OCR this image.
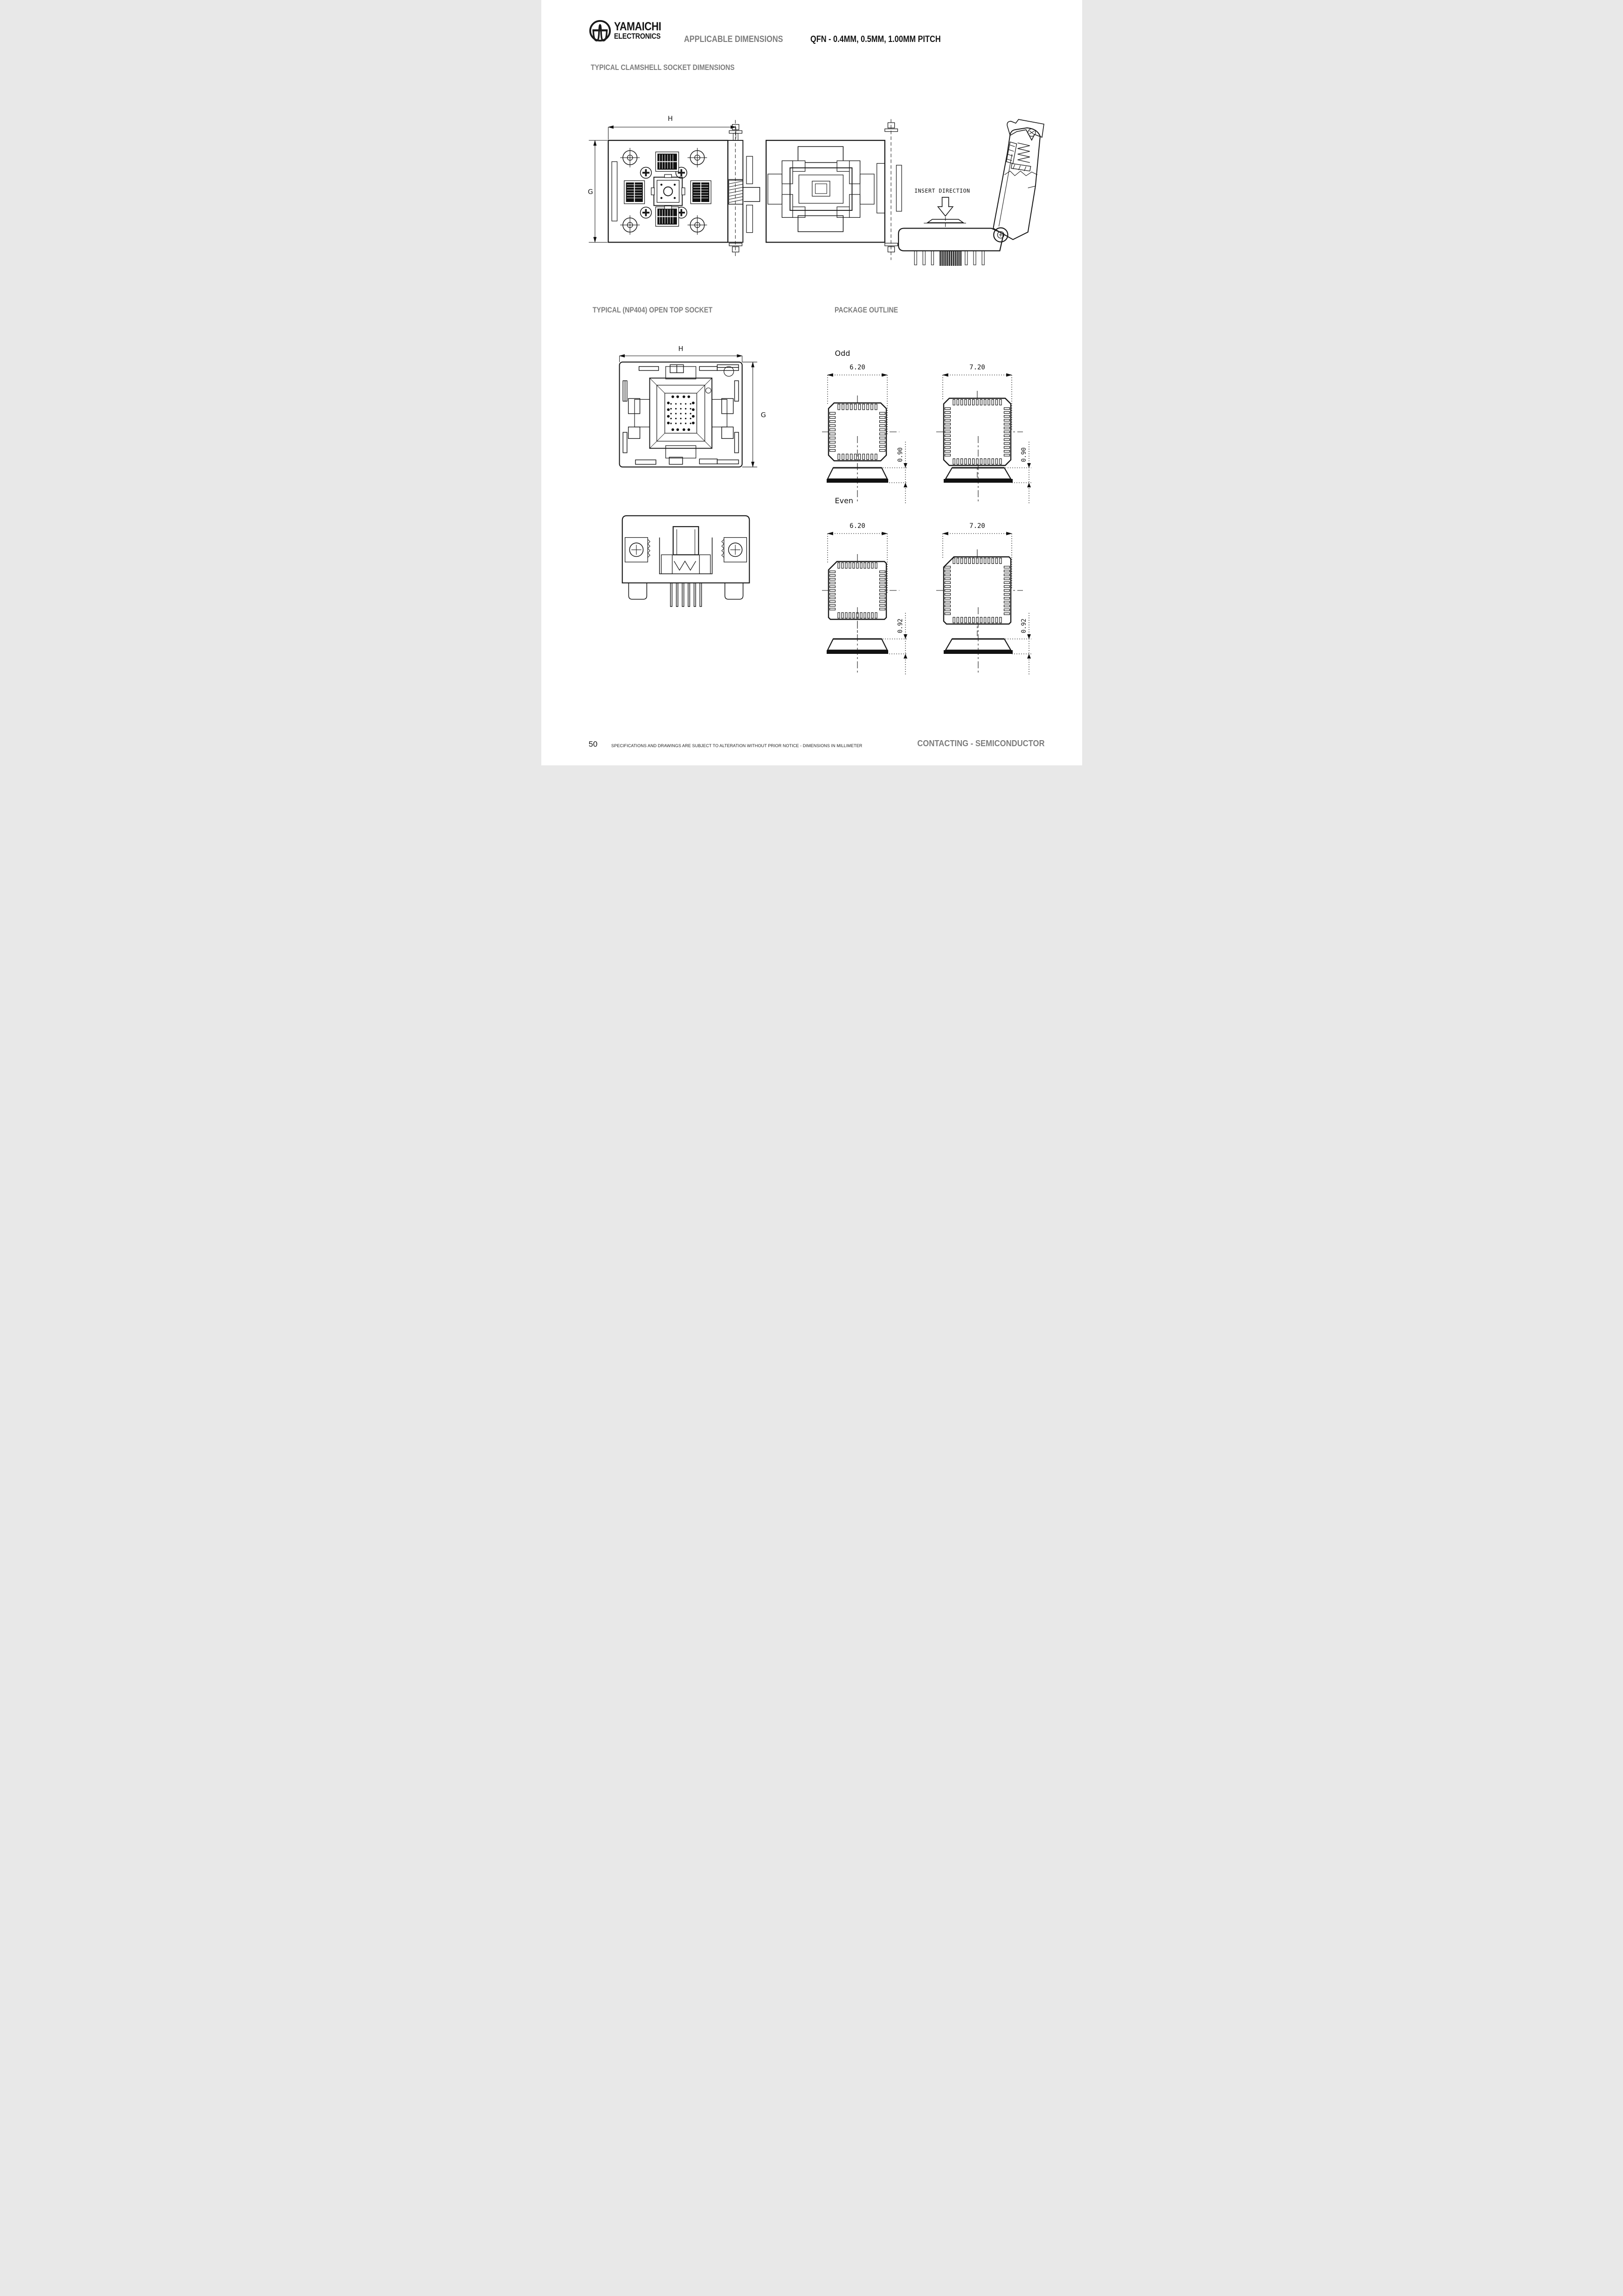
YAMAICHI
ELECTRONICS	APPLICABLE DIMENSIONS	QFN - 0.4MM, 0.5MM, 1.00MM PITCH
TYPICAL CLAMSHELL SOCKET DIMENSIONS
TYPICAL (NP404) OPEN TOP SOCKET	PACKAGE OUTLINE
H
G	INSERT DIRECTION
H
G
Odd
6.20	7.20
0.90	0.90
Even
6.20	7.20
0.92	0.92
50	SPECIFICATIONS AND DRAWINGS ARE SUBJECT TO ALTERATION WITHOUT PRIOR NOTICE - DIMENSIONS IN MILLIMETER	CONTACTING - SEMICONDUCTOR
